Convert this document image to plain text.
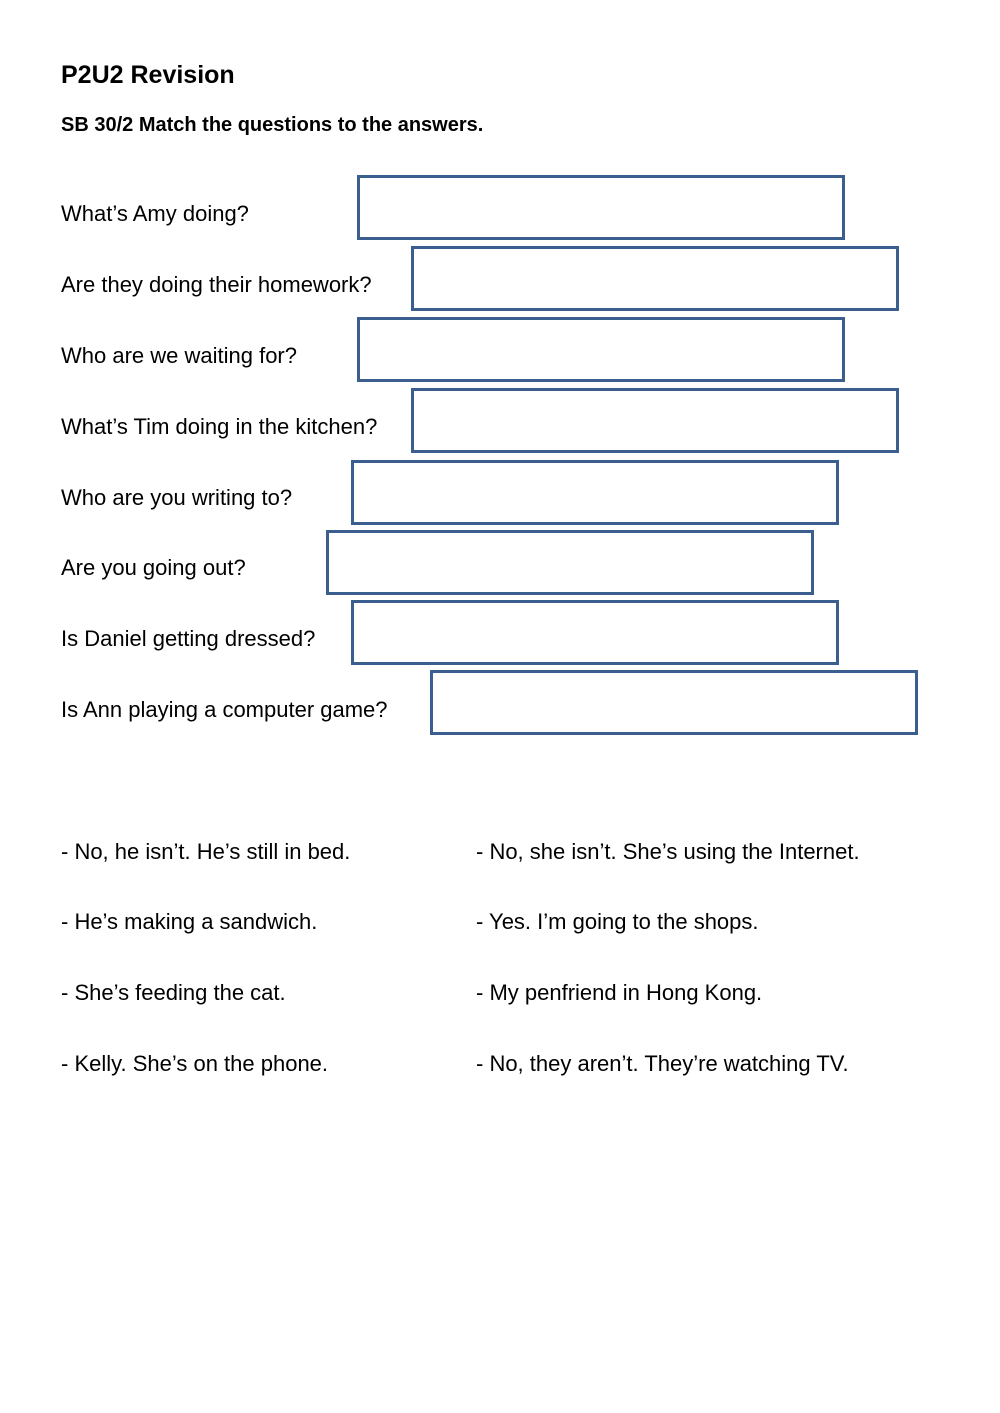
P2U2 Revision
SB 30/2 Match the questions to the answers.
What’s Amy doing?
Are they doing their homework?
Who are we waiting for?
What’s Tim doing in the kitchen?
Who are you writing to?
Are you going out?
Is Daniel getting dressed?
Is Ann playing a computer game?
- No, he isn’t. He’s still in bed.
- He’s making a sandwich.
- She’s feeding the cat.
- Kelly. She’s on the phone.
- No, she isn’t. She’s using the Internet.
- Yes. I’m going to the shops.
- My penfriend in Hong Kong.
- No, they aren’t. They’re watching TV.
